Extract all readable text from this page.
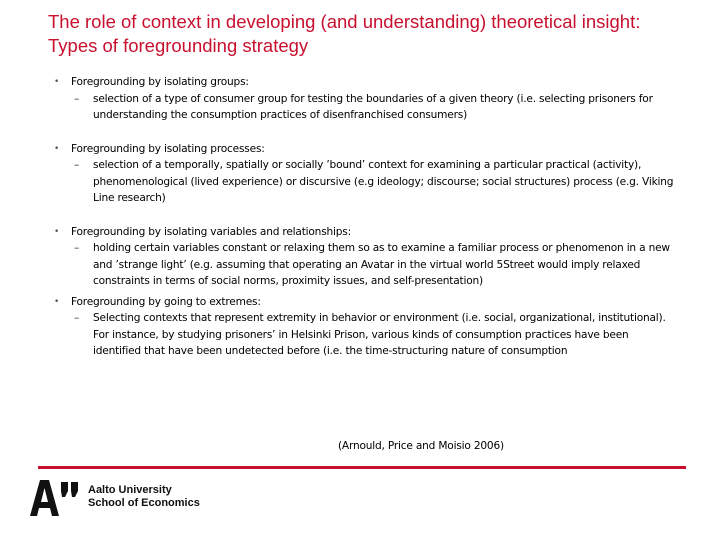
The role of context in developing (and understanding) theoretical insight: Types of foregrounding strategy
• Foregrounding by isolating groups:
– selection of a type of consumer group for testing the boundaries of a given theory (i.e. selecting prisoners for understanding the consumption practices of disenfranchised consumers)
• Foregrounding by isolating processes:
– selection of a temporally, spatially or socially ’bound’ context for examining a particular practical (activity), phenomenological (lived experience) or discursive (e.g ideology; discourse; social structures) process (e.g. Viking Line research)
• Foregrounding by isolating variables and relationships:
– holding certain variables constant or relaxing them so as to examine a familiar process or phenomenon in a new and ’strange light’ (e.g. assuming that operating an Avatar in the virtual world 5Street would imply relaxed constraints in terms of social norms, proximity issues, and self-presentation)
• Foregrounding by going to extremes:
– Selecting contexts that represent extremity in behavior or environment (i.e. social, organizational, institutional). For instance, by studying prisoners’ in Helsinki Prison, various kinds of consumption practices have been identified that have been undetected before (i.e. the time-structuring nature of consumption
(Arnould, Price and Moisio 2006)
Aalto University
School of Economics
